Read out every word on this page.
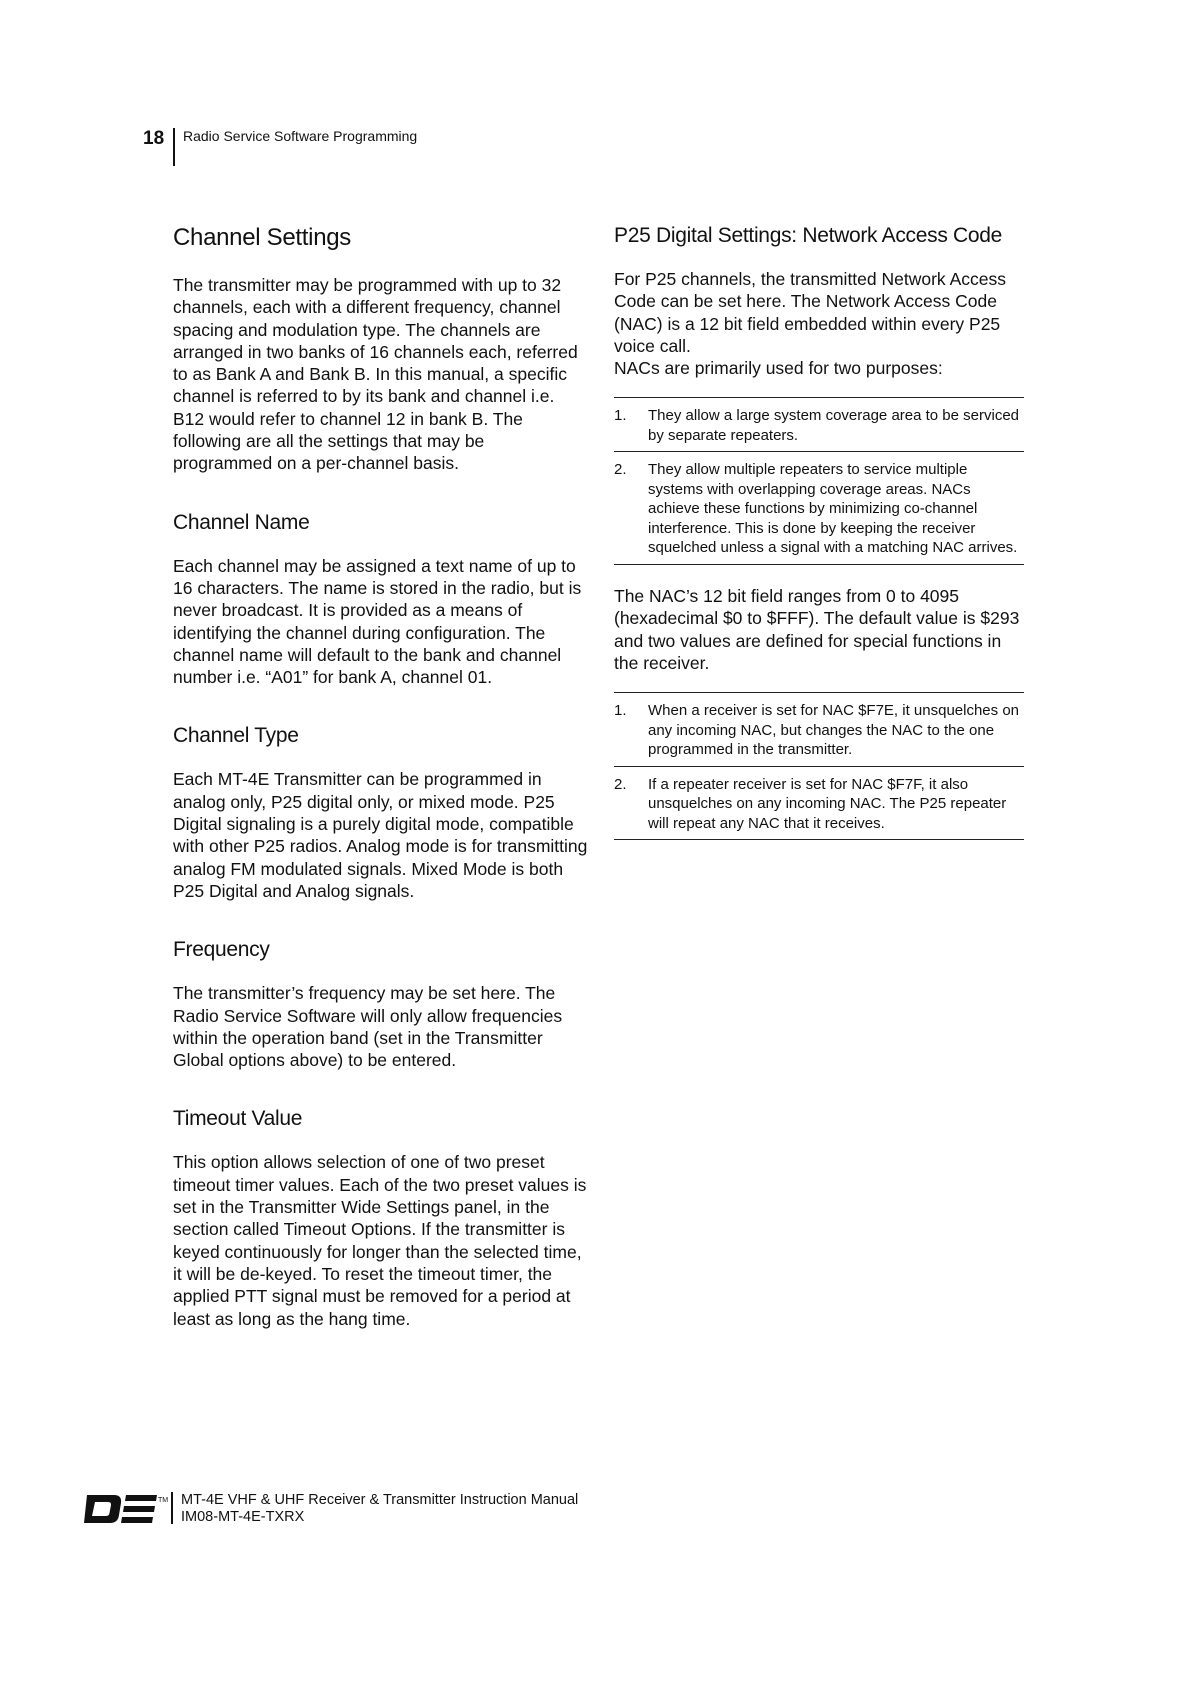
18 Radio Service Software Programming
Channel Settings

The transmitter may be programmed with up to 32 channels, each with a different frequency, channel spacing and modulation type. The channels are arranged in two banks of 16 channels each, referred to as Bank A and Bank B. In this manual, a specific channel is referred to by its bank and channel i.e. B12 would refer to channel 12 in bank B. The following are all the settings that may be programmed on a per-channel basis.

Channel Name

Each channel may be assigned a text name of up to 16 characters. The name is stored in the radio, but is never broadcast. It is provided as a means of identifying the channel during configuration. The channel name will default to the bank and channel number i.e. “A01” for bank A, channel 01.

Channel Type

Each MT-4E Transmitter can be programmed in analog only, P25 digital only, or mixed mode. P25 Digital signaling is a purely digital mode, compatible with other P25 radios. Analog mode is for transmitting analog FM modulated signals. Mixed Mode is both P25 Digital and Analog signals.

Frequency

The transmitter’s frequency may be set here. The Radio Service Software will only allow frequencies within the operation band (set in the Transmitter Global options above) to be entered.

Timeout Value

This option allows selection of one of two preset timeout timer values. Each of the two preset values is set in the Transmitter Wide Settings panel, in the section called Timeout Options. If the transmitter is keyed continuously for longer than the selected time, it will be de-keyed. To reset the timeout timer, the applied PTT signal must be removed for a period at least as long as the hang time.

P25 Digital Settings: Network Access Code

For P25 channels, the transmitted Network Access Code can be set here. The Network Access Code (NAC) is a 12 bit field embedded within every P25 voice call.

NACs are primarily used for two purposes:

1. They allow a large system coverage area to be serviced by separate repeaters.
2. They allow multiple repeaters to service multiple systems with overlapping coverage areas. NACs achieve these functions by minimizing co-channel interference. This is done by keeping the receiver squelched unless a signal with a matching NAC arrives.

The NAC’s 12 bit field ranges from 0 to 4095 (hexadecimal $0 to $FFF). The default value is $293 and two values are defined for special functions in the receiver.

1. When a receiver is set for NAC $F7E, it unsquelches on any incoming NAC, but changes the NAC to the one programmed in the transmitter.
2. If a repeater receiver is set for NAC $F7F, it also unsquelches on any incoming NAC. The P25 repeater will repeat any NAC that it receives.
TM MT-4E VHF & UHF Receiver & Transmitter Instruction Manual
IM08-MT-4E-TXRX
